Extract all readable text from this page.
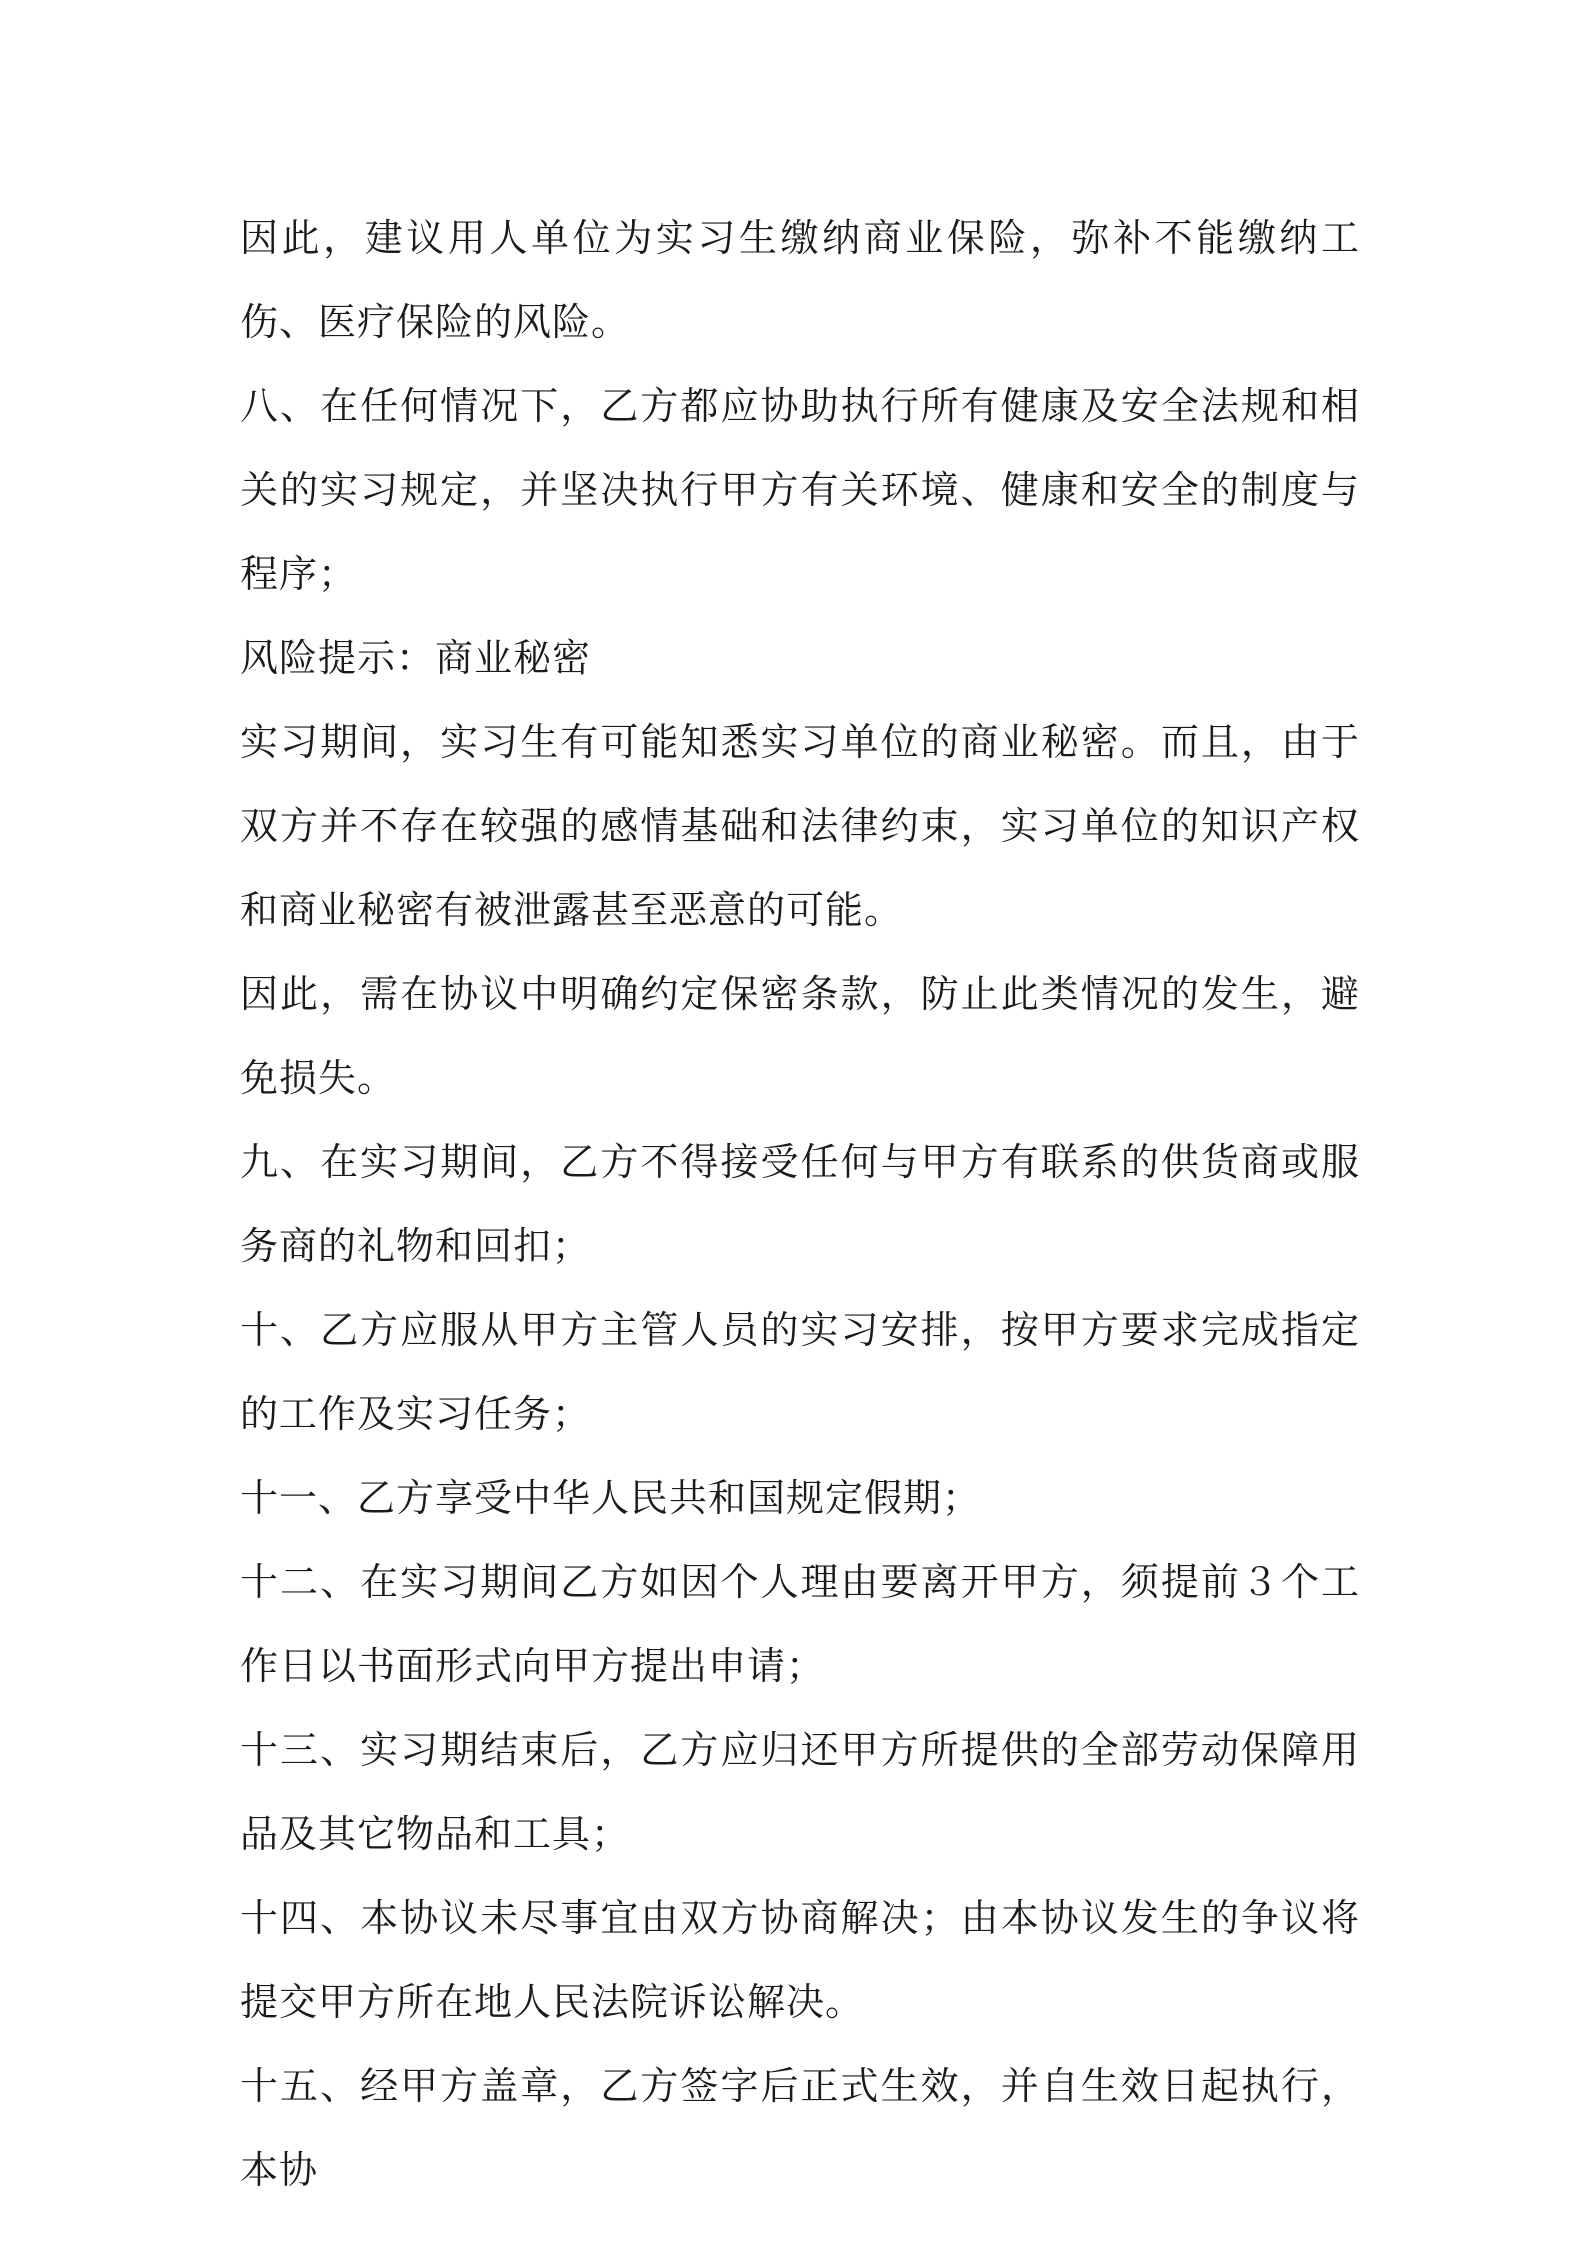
因此，建议用人单位为实习生缴纳商业保险，弥补不能缴纳工伤、医疗保险的风险。

八、在任何情况下，乙方都应协助执行所有健康及安全法规和相关的实习规定，并坚决执行甲方有关环境、健康和安全的制度与程序；

风险提示：商业秘密

实习期间，实习生有可能知悉实习单位的商业秘密。而且，由于双方并不存在较强的感情基础和法律约束，实习单位的知识产权和商业秘密有被泄露甚至恶意的可能。

因此，需在协议中明确约定保密条款，防止此类情况的发生，避免损失。

九、在实习期间，乙方不得接受任何与甲方有联系的供货商或服务商的礼物和回扣；

十、乙方应服从甲方主管人员的实习安排，按甲方要求完成指定的工作及实习任务；

十一、乙方享受中华人民共和国规定假期；

十二、在实习期间乙方如因个人理由要离开甲方，须提前３个工作日以书面形式向甲方提出申请；

十三、实习期结束后，乙方应归还甲方所提供的全部劳动保障用品及其它物品和工具；

十四、本协议未尽事宜由双方协商解决；由本协议发生的争议将提交甲方所在地人民法院诉讼解决。

十五、经甲方盖章，乙方签字后正式生效，并自生效日起执行，本协
